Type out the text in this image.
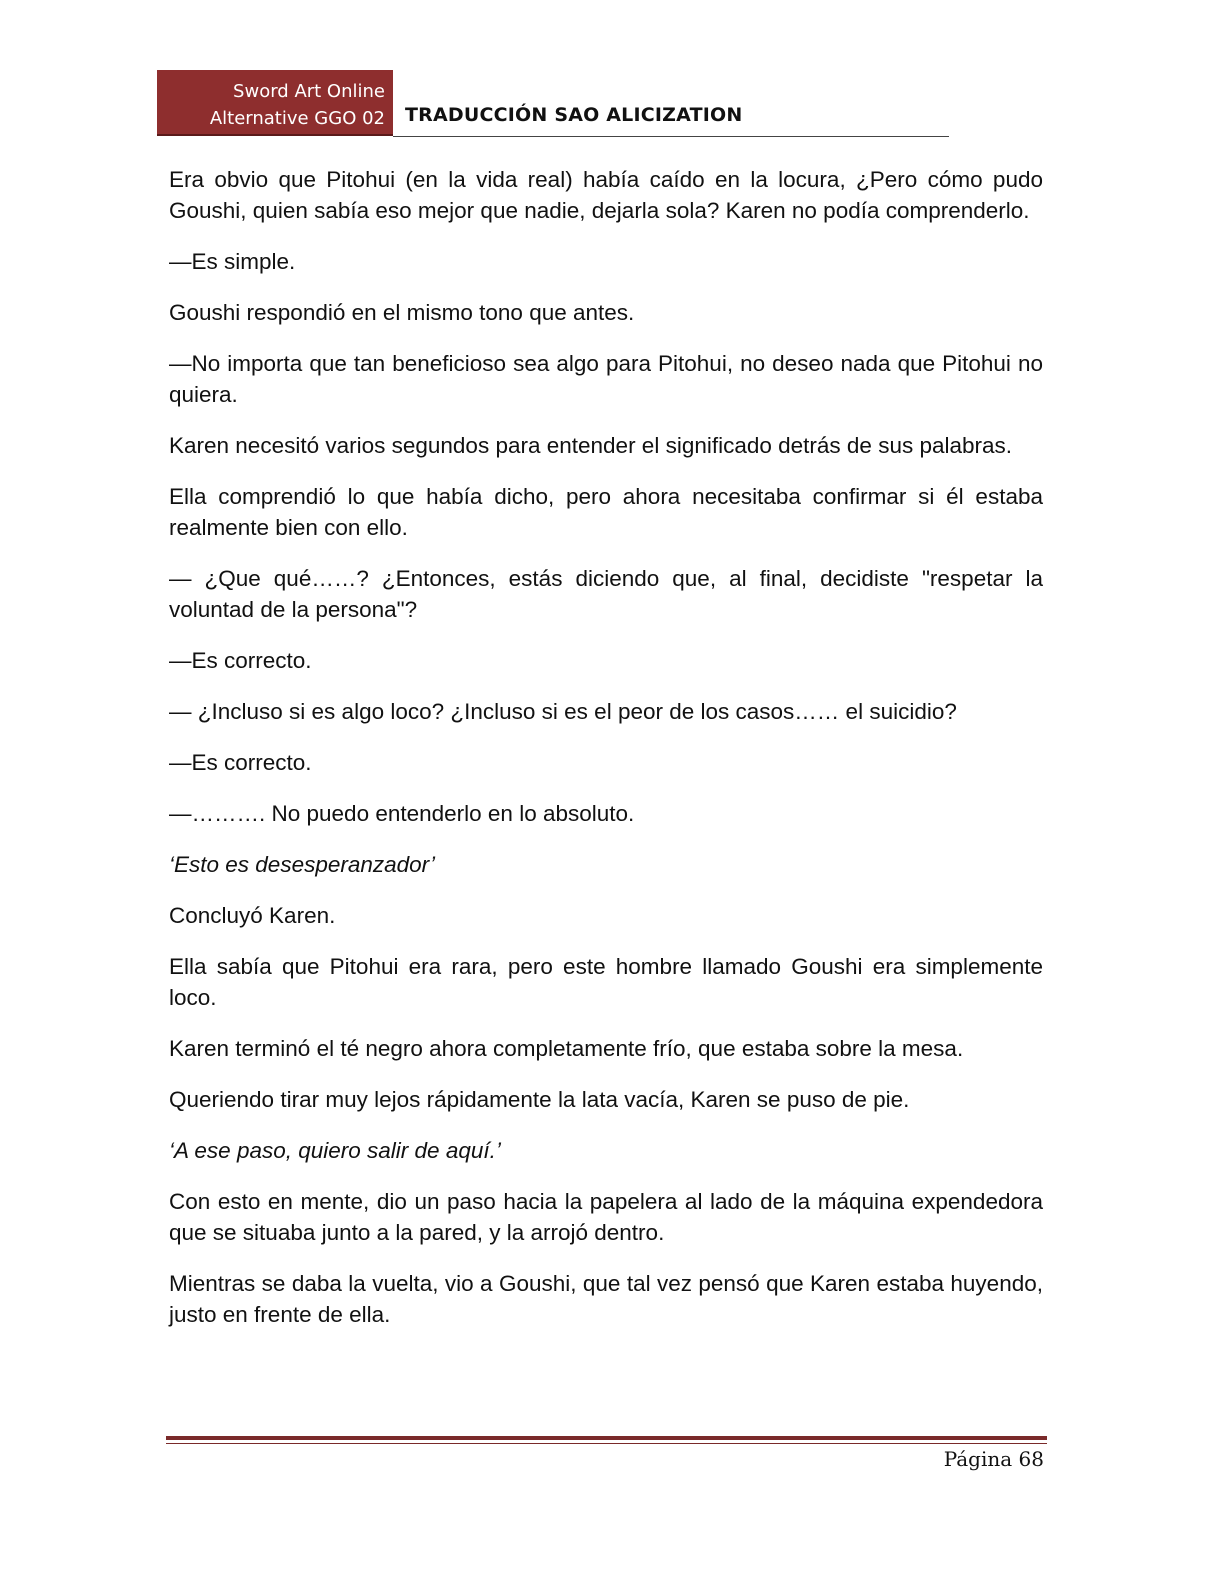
Sword Art Online
Alternative GGO 02 TRADUCCIÓN SAO ALICIZATION

Era obvio que Pitohui (en la vida real) había caído en la locura, ¿Pero cómo pudo Goushi, quien sabía eso mejor que nadie, dejarla sola? Karen no podía comprenderlo.

—Es simple.

Goushi respondió en el mismo tono que antes.

—No importa que tan beneficioso sea algo para Pitohui, no deseo nada que Pitohui no quiera.

Karen necesitó varios segundos para entender el significado detrás de sus palabras.

Ella comprendió lo que había dicho, pero ahora necesitaba confirmar si él estaba realmente bien con ello.

— ¿Que qué……? ¿Entonces, estás diciendo que, al final, decidiste "respetar la voluntad de la persona"?

—Es correcto.

— ¿Incluso si es algo loco? ¿Incluso si es el peor de los casos…… el suicidio?

—Es correcto.

—………. No puedo entenderlo en lo absoluto.

‘Esto es desesperanzador’

Concluyó Karen.

Ella sabía que Pitohui era rara, pero este hombre llamado Goushi era simplemente loco.

Karen terminó el té negro ahora completamente frío, que estaba sobre la mesa.

Queriendo tirar muy lejos rápidamente la lata vacía, Karen se puso de pie.

‘A ese paso, quiero salir de aquí.’

Con esto en mente, dio un paso hacia la papelera al lado de la máquina expendedora que se situaba junto a la pared, y la arrojó dentro.

Mientras se daba la vuelta, vio a Goushi, que tal vez pensó que Karen estaba huyendo, justo en frente de ella.

Página 68
